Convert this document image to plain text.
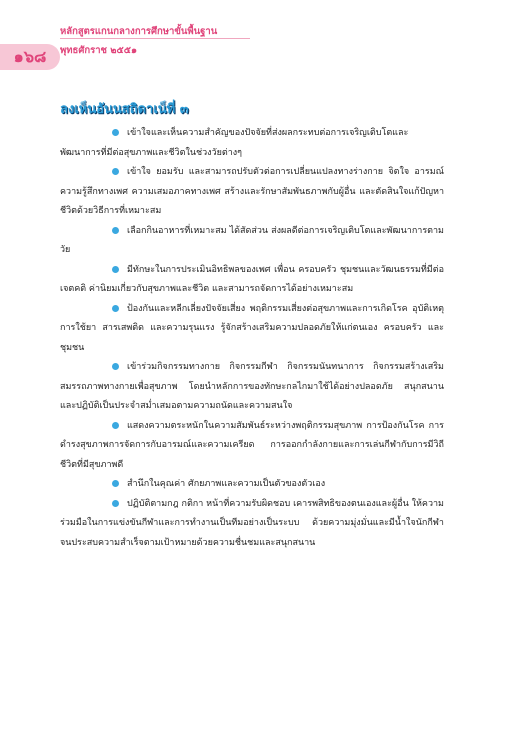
๑๖๘
หลักสูตรแกนกลางการศึกษาขั้นพื้นฐาน
พุทธศักราช ๒๕๕๑
ลงเห็นอันนสถิดาเน็ที่ ๓

เข้าใจและเห็นความสำคัญของปัจจัยที่ส่งผลกระทบต่อการเจริญเติบโตและพัฒนาการที่มีต่อสุขภาพและชีวิตในช่วงวัยต่างๆ

เข้าใจ ยอมรับ และสามารถปรับตัวต่อการเปลี่ยนแปลงทางร่างกาย จิตใจ อารมณ์ ความรู้สึกทางเพศ ความเสมอภาคทางเพศ สร้างและรักษาสัมพันธภาพกับผู้อื่น และตัดสินใจแก้ปัญหาชีวิตด้วยวิธีการที่เหมาะสม

เลือกกินอาหารที่เหมาะสม ได้สัดส่วน ส่งผลดีต่อการเจริญเติบโตและพัฒนาการตามวัย

มีทักษะในการประเมินอิทธิพลของเพศ เพื่อน ครอบครัว ชุมชนและวัฒนธรรมที่มีต่อเจตคติ ค่านิยมเกี่ยวกับสุขภาพและชีวิต และสามารถจัดการได้อย่างเหมาะสม

ป้องกันและหลีกเลี่ยงปัจจัยเสี่ยง พฤติกรรมเสี่ยงต่อสุขภาพและการเกิดโรค อุบัติเหตุ การใช้ยา สารเสพติด และความรุนแรง รู้จักสร้างเสริมความปลอดภัยให้แก่ตนเอง ครอบครัว และชุมชน

เข้าร่วมกิจกรรมทางกาย กิจกรรมกีฬา กิจกรรมนันทนาการ กิจกรรมสร้างเสริมสมรรถภาพทางกายเพื่อสุขภาพ โดยนำหลักการของทักษะกลไกมาใช้ได้อย่างปลอดภัย สนุกสนาน และปฏิบัติเป็นประจำสม่ำเสมอตามความถนัดและความสนใจ

แสดงความตระหนักในความสัมพันธ์ระหว่างพฤติกรรมสุขภาพ การป้องกันโรค การดำรงสุขภาพการจัดการกับอารมณ์และความเครียด การออกกำลังกายและการเล่นกีฬากับการมีวิถีชีวิตที่มีสุขภาพดี

สำนึกในคุณค่า ศักยภาพและความเป็นตัวของตัวเอง

ปฏิบัติตามกฎ กติกา หน้าที่ความรับผิดชอบ เคารพสิทธิของตนเองและผู้อื่น ให้ความร่วมมือในการแข่งขันกีฬาและการทำงานเป็นทีมอย่างเป็นระบบ ด้วยความมุ่งมั่นและมีน้ำใจนักกีฬา จนประสบความสำเร็จตามเป้าหมายด้วยความชื่นชมและสนุกสนาน
